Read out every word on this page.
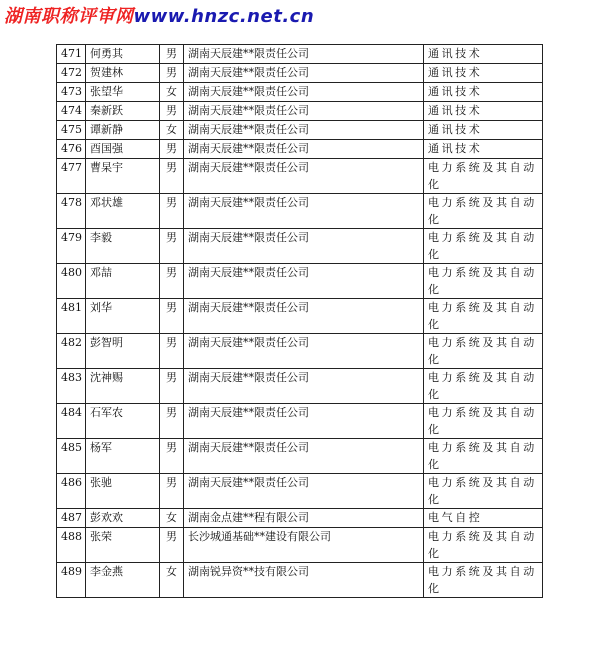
湖南职称评审网www.hnzc.net.cn
471	何勇其	男	湖南天辰建**限责任公司	通讯技术
472	贺建林	男	湖南天辰建**限责任公司	通讯技术
473	张望华	女	湖南天辰建**限责任公司	通讯技术
474	秦新跃	男	湖南天辰建**限责任公司	通讯技术
475	谭新静	女	湖南天辰建**限责任公司	通讯技术
476	酉国强	男	湖南天辰建**限责任公司	通讯技术
477	曹杲宇	男	湖南天辰建**限责任公司	电力系统及其自动化
478	邓状雄	男	湖南天辰建**限责任公司	电力系统及其自动化
479	李毅	男	湖南天辰建**限责任公司	电力系统及其自动化
480	邓喆	男	湖南天辰建**限责任公司	电力系统及其自动化
481	刘华	男	湖南天辰建**限责任公司	电力系统及其自动化
482	彭智明	男	湖南天辰建**限责任公司	电力系统及其自动化
483	沈神赐	男	湖南天辰建**限责任公司	电力系统及其自动化
484	石军农	男	湖南天辰建**限责任公司	电力系统及其自动化
485	杨军	男	湖南天辰建**限责任公司	电力系统及其自动化
486	张驰	男	湖南天辰建**限责任公司	电力系统及其自动化
487	彭欢欢	女	湖南金点建**程有限公司	电气自控
488	张荣	男	长沙城通基础**建设有限公司	电力系统及其自动化
489	李金燕	女	湖南锐异资**技有限公司	电力系统及其自动化
